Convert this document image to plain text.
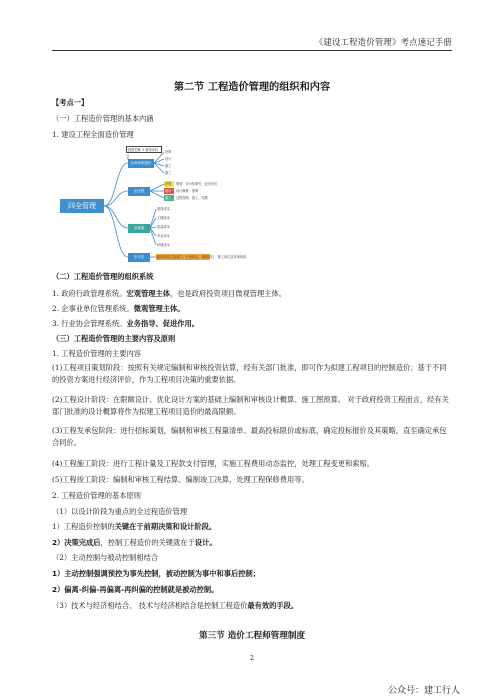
《建设工程造价管理》考点速记手册
第二节 工程造价管理的组织和内容
【考点一】
（一）工程造价管理的基本内涵
1. 建设工程全面造价管理
四全管理
投资估算 + 财务评价
全寿命期造价
全过程
全要素
全方位
决策
设计
施工
竣工
决策
设计
施工
策划、可行性研究、经济评价
设计概算、预算
过程控制、施工、结算
建造成本
工期成本
质量成本
安全成本
环境成本
政府建设主管部门、行业协会、建设单位、施工单位及咨询机构
（二）工程造价管理的组织系统
1. 政府行政管理系统。宏观管理主体，也是政府投资项目微观管理主体。
2. 企事业单位管理系统。微观管理主体。
3. 行业协会管理系统。业务指导、促进作用。
（三）工程造价管理的主要内容及原则
1. 工程造价管理的主要内容
(1)工程项目策划阶段：按照有关规定编制和审核投资估算，经有关部门批准，即可作为拟建工程项目的控制造价；基于不同的投资方案进行经济评价，作为工程项目决策的重要依据。
(2)工程设计阶段：在限额设计、优化设计方案的基础上编制和审核设计概算、施工图预算。 对于政府投资工程而言，经有关部门批准的设计概算将作为拟建工程项目造价的最高限额。
(3)工程发承包阶段：进行招标策划，编制和审核工程量清单、最高投标限价或标底，确定投标报价及其策略，直至确定承包合同价。
(4)工程施工阶段：进行工程计量及工程款支付管理，实施工程费用动态监控，处理工程变更和索赔。
(5)工程竣工阶段：编制和审核工程结算、编制竣工决算，处理工程保修费用等。
2. 工程造价管理的基本原则
（1）以设计阶段为重点的全过程造价管理
1）工程造价控制的关键在于前期决策和设计阶段。
2）决策完成后，控制工程造价的关键就在于设计。
（2）主动控制与被动控制相结合
1）主动控制强调预控为事先控制，被动控制为事中和事后控制；
2）偏离-纠偏-再偏离-再纠偏的控制就是被动控制。
（3）技术与经济相结合。 技术与经济相结合是控制工程造价最有效的手段。
第三节 造价工程师管理制度
2
公众号：建工行人
